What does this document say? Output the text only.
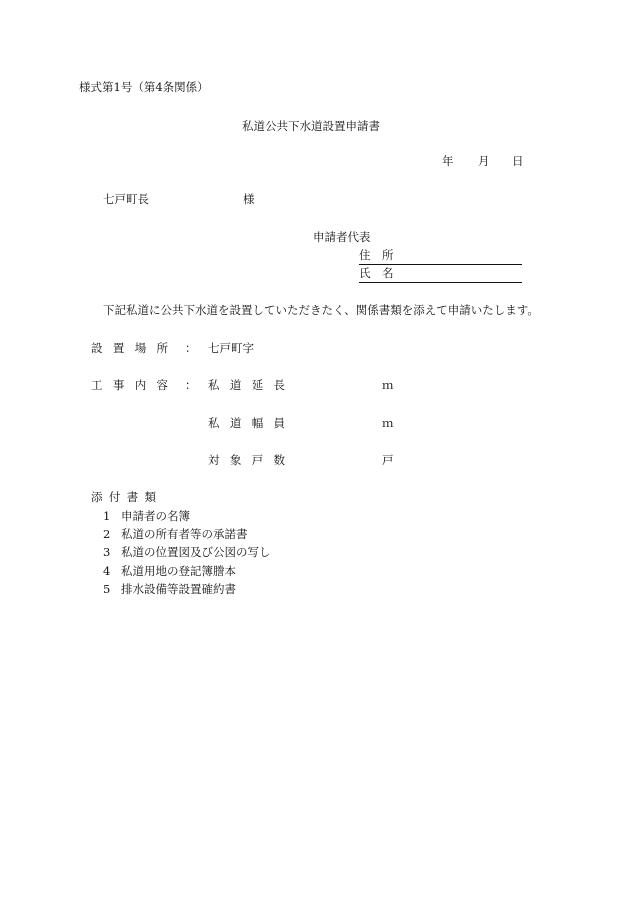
様式第1号（第4条関係）
私道公共下水道設置申請書
年 月 日
七戸町長	様
申請者代表
住　所
氏　名
下記私道に公共下水道を設置していただきたく、関係書類を添えて申請いたします。
設置場所 ： 七戸町字
工事内容 ： 私道延長	ｍ
私道幅員	ｍ
対象戸数	戸
添付書類
1 申請者の名簿
2 私道の所有者等の承諾書
3 私道の位置図及び公図の写し
4 私道用地の登記簿謄本
5 排水設備等設置確約書
